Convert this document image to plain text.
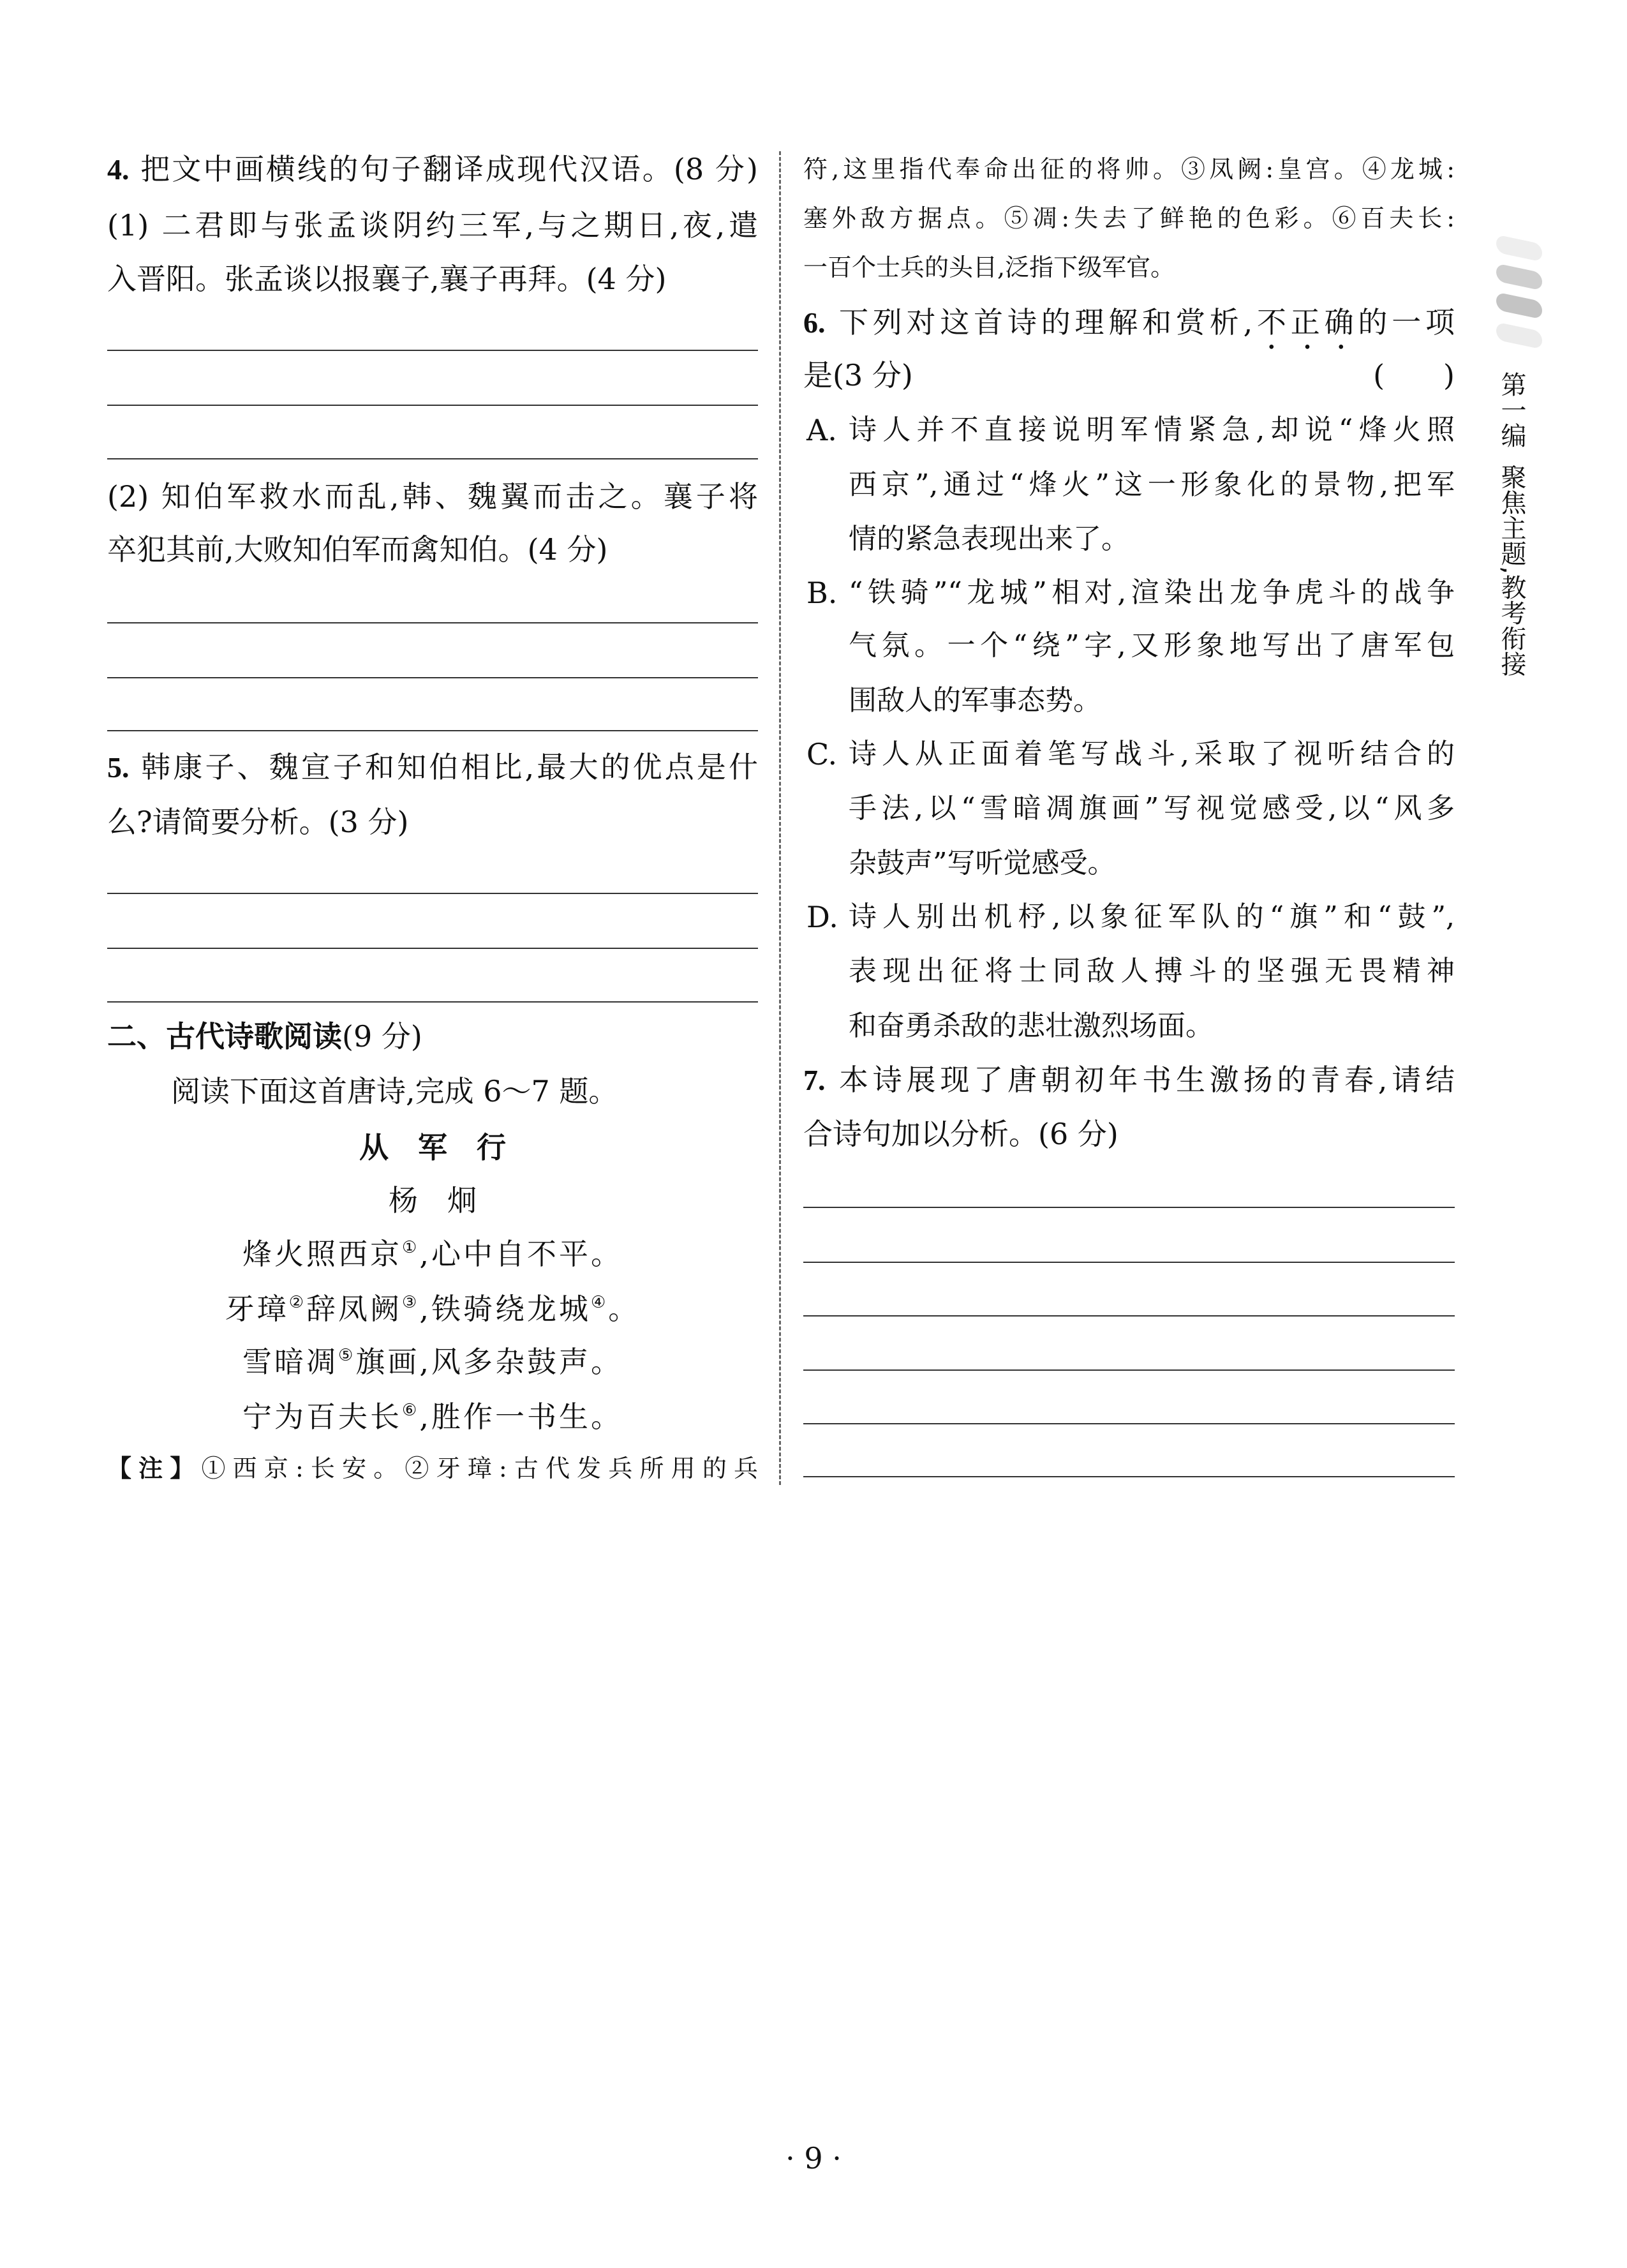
4. 把文中画横线的句子翻译成现代汉语。(8 分)
(1) 二君即与张孟谈阴约三军,与之期日,夜,遣
入晋阳。张孟谈以报襄子,襄子再拜。(4 分)
(2) 知伯军救水而乱,韩、魏翼而击之。襄子将
卒犯其前,大败知伯军而禽知伯。(4 分)
5. 韩康子、魏宣子和知伯相比,最大的优点是什
么?请简要分析。(3 分)
二、古代诗歌阅读(9 分)
阅读下面这首唐诗,完成 6～7 题。
从　军　行
杨　炯
烽火照西京①,心中自不平。
牙璋②辞凤阙③,铁骑绕龙城④。
雪暗凋⑤旗画,风多杂鼓声。
宁为百夫长⑥,胜作一书生。
【注】①西京:长安。②牙璋:古代发兵所用的兵
符,这里指代奉命出征的将帅。③凤阙:皇宫。④龙城:
塞外敌方据点。⑤凋:失去了鲜艳的色彩。⑥百夫长:
一百个士兵的头目,泛指下级军官。
6. 下列对这首诗的理解和赏析,不正确的一项
是(3 分)	(　　)
A. 诗人并不直接说明军情紧急,却说“烽火照
西京”,通过“烽火”这一形象化的景物,把军
情的紧急表现出来了。
B. “铁骑”“龙城”相对,渲染出龙争虎斗的战争
气氛。一个“绕”字,又形象地写出了唐军包
围敌人的军事态势。
C. 诗人从正面着笔写战斗,采取了视听结合的
手法,以“雪暗凋旗画”写视觉感受,以“风多
杂鼓声”写听觉感受。
D. 诗人别出机杼,以象征军队的“旗”和“鼓”,
表现出征将士同敌人搏斗的坚强无畏精神
和奋勇杀敌的悲壮激烈场面。
7. 本诗展现了唐朝初年书生激扬的青春,请结
合诗句加以分析。(6 分)
第一编
聚焦主题,教考衔接
· 9 ·
